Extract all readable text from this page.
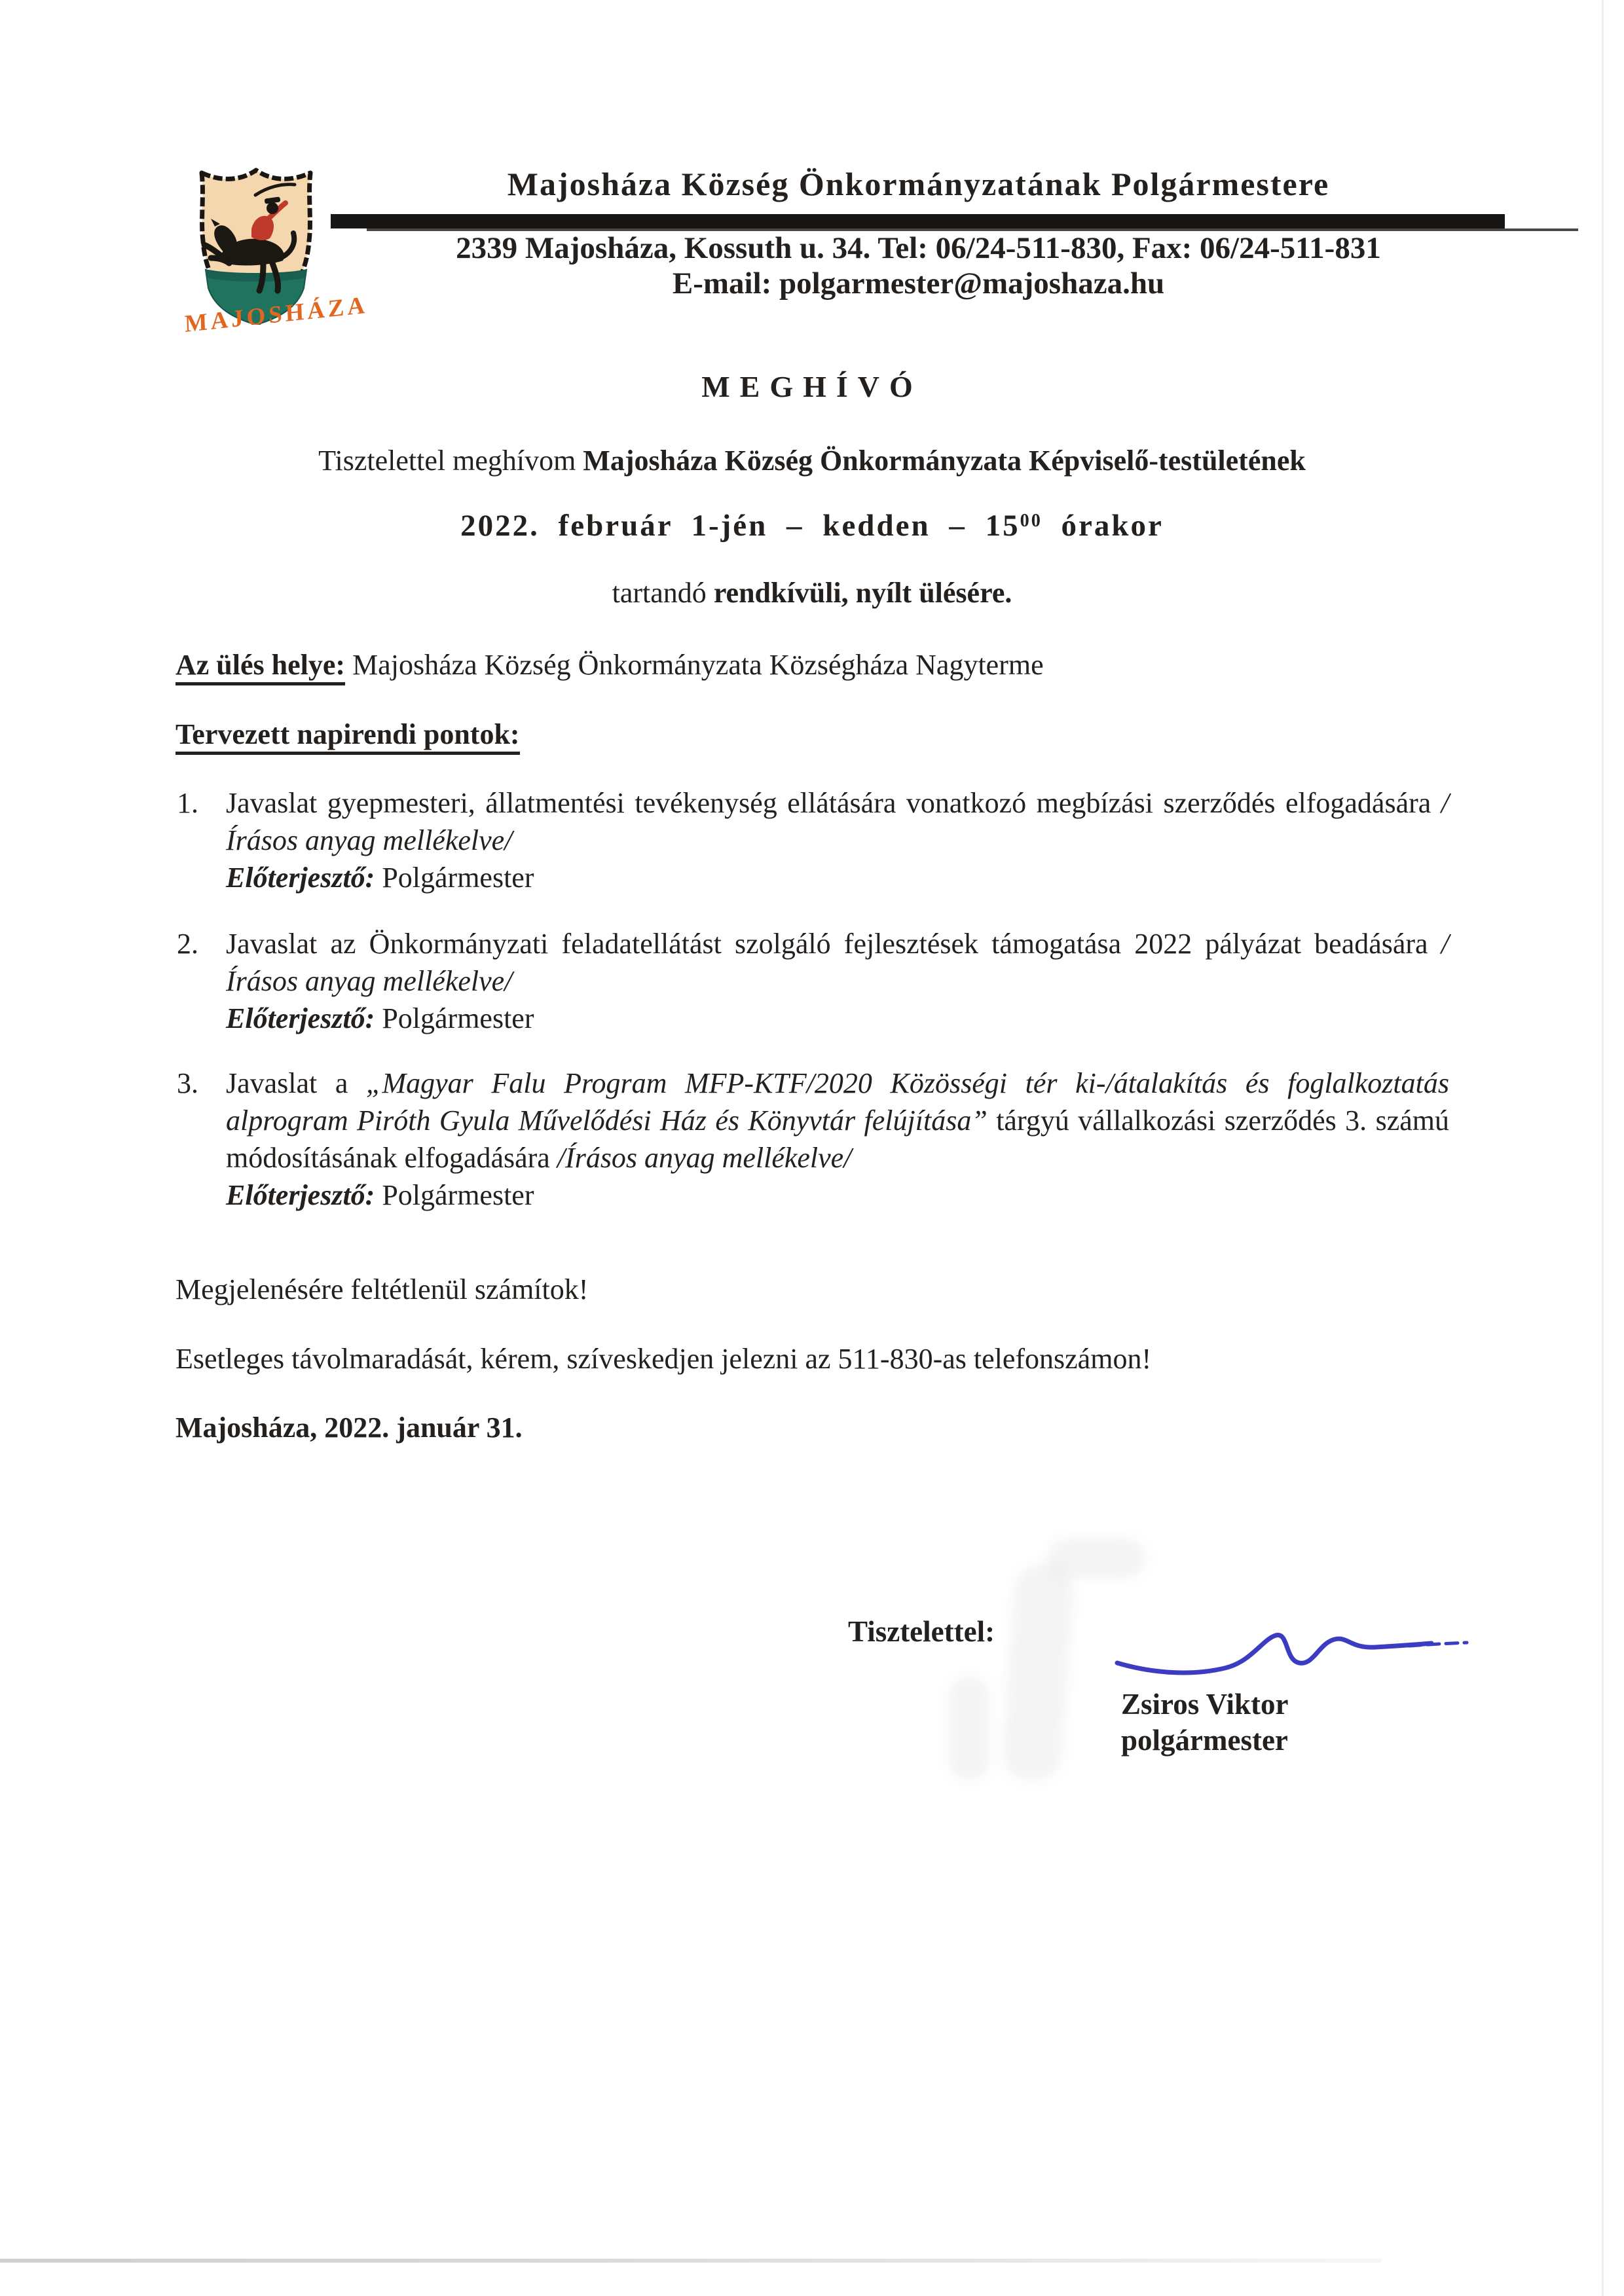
MAJOSHÁZA
Majosháza Község Önkormányzatának Polgármestere
2339 Majosháza, Kossuth u. 34. Tel: 06/24-511-830, Fax: 06/24-511-831
E-mail: polgarmester@majoshaza.hu
MEGHÍVÓ
Tisztelettel meghívom Majosháza Község Önkormányzata Képviselő-testületének
2022. február 1-jén – kedden – $15^{00}$ órakor
tartandó rendkívüli, nyílt ülésére.
Az ülés helye: Majosháza Község Önkormányzata Községháza Nagyterme
Tervezett napirendi pontok:
1. Javaslat gyepmesteri, állatmentési tevékenység ellátására vonatkozó megbízási szerződés elfogadására /Írásos anyag mellékelve/
Előterjesztő: Polgármester
2. Javaslat az Önkormányzati feladatellátást szolgáló fejlesztések támogatása 2022 pályázat beadására /Írásos anyag mellékelve/
Előterjesztő: Polgármester
3. Javaslat a „Magyar Falu Program MFP-KTF/2020 Közösségi tér ki-/átalakítás és foglalkoztatás alprogram Piróth Gyula Művelődési Ház és Könyvtár felújítása” tárgyú vállalkozási szerződés 3. számú módosításának elfogadására /Írásos anyag mellékelve/
Előterjesztő: Polgármester
Megjelenésére feltétlenül számítok!
Esetleges távolmaradását, kérem, szíveskedjen jelezni az 511-830-as telefonszámon!
Majosháza, 2022. január 31.
Tisztelettel:
Zsiros Viktor
polgármester
